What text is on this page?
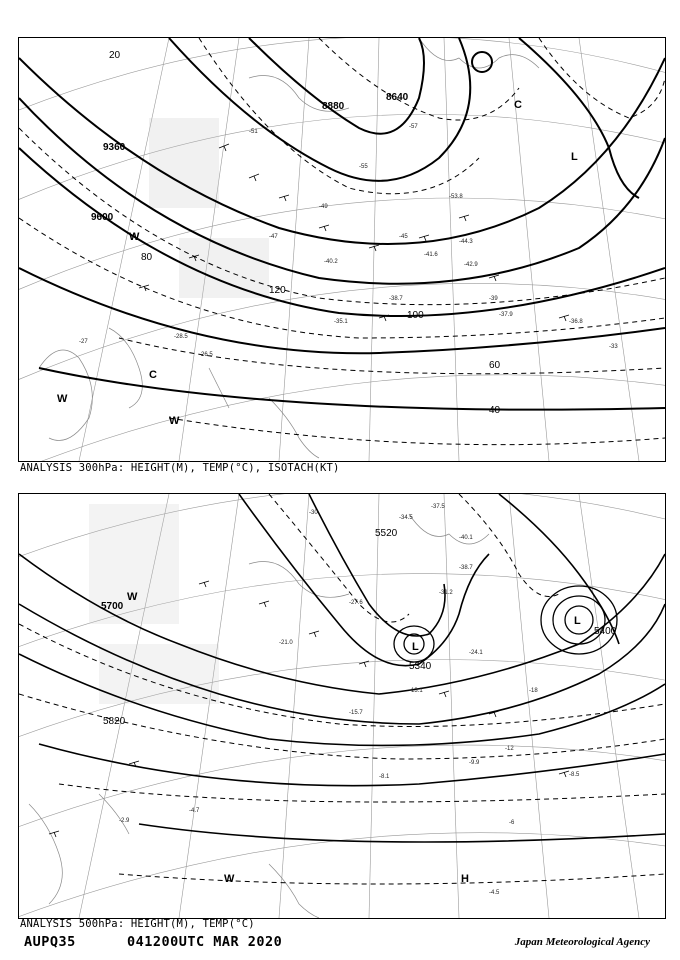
-51
-55
-57
-53.8
-49
-47	-45
-44.3
-42.9
-41.6
-40.2
-39
-38.7
-37.9
-36.8
-35.1
-33
-28.5
-26.5
-27
9600
9360
8880
8640
20
40
60
80
100
120
C
C
L
W
W
W
ANALYSIS 300hPa: HEIGHT(M), TEMP(°C), ISOTACH(KT)
-37.5
-38.7
-40.1
-34.5
-31.2
-30
-27.6
-24.1
-21.0
-18
-15.7
-13.1
-12
-9.9
-8.1	-8.5
-6
-4.5
-4.7
-2.9
5700
5820
5400
5340
5520
L
L
H
W
W
ANALYSIS 500hPa: HEIGHT(M), TEMP(°C)
AUPQ35	041200UTC MAR 2020	Japan Meteorological Agency
